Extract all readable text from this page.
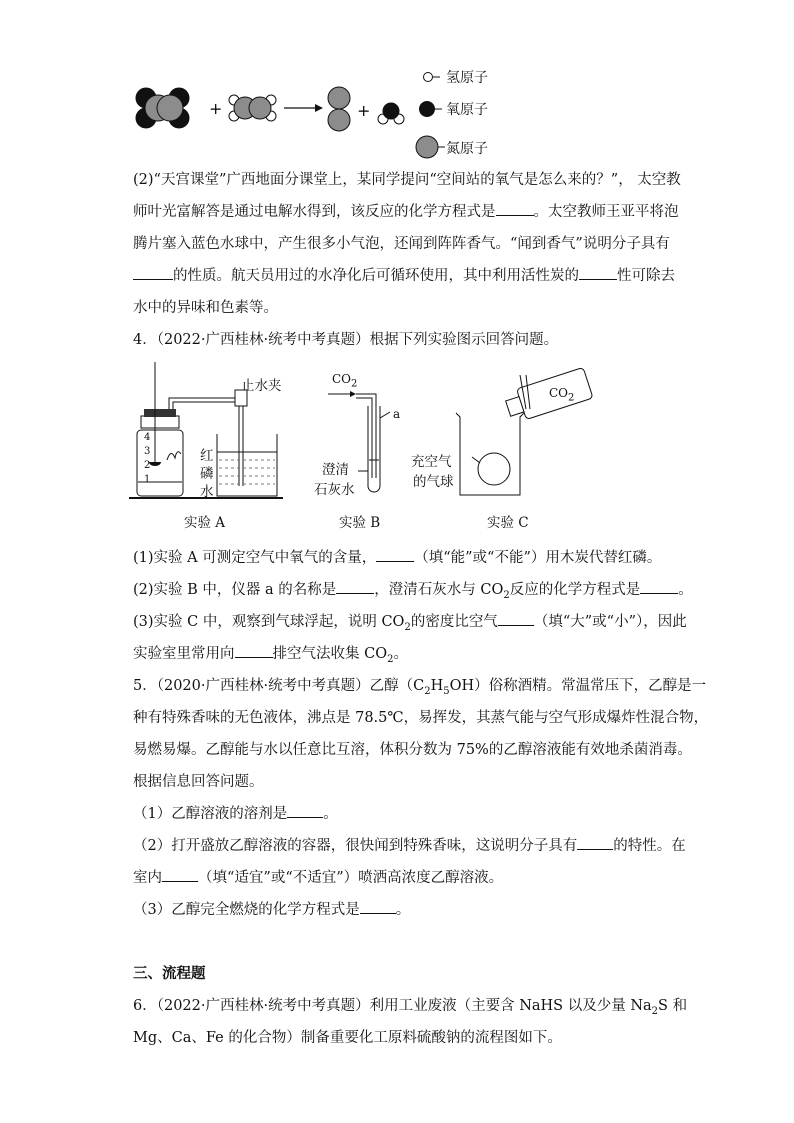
+	+
氢原子
氧原子
氮原子
(2)“天宫课堂”广西地面分课堂上，某同学提问“空间站的氧气是怎么来的？”， 太空教
师叶光富解答是通过电解水得到，该反应的化学方程式是	。太空教师王亚平将泡
腾片塞入蓝色水球中，产生很多小气泡，还闻到阵阵香气。“闻到香气”说明分子具有
的性质。航天员用过的水净化后可循环使用，其中利用活性炭的	性可除去
水中的异味和色素等。
4．（2022·广西桂林·统考中考真题）根据下列实验图示回答问题。
止水夹
红
磷
水
4
3
2
1
实验 A
$CO_2$
a
澄清
石灰水
实验 B
$CO_2$
充空气
的气球
实验 C
(1)实验 A 可测定空气中氧气的含量，	（填“能”或“不能”）用木炭代替红磷。
(2)实验 B 中，仪器 a 的名称是	，澄清石灰水与 $CO_2$反应的化学方程式是	。
(3)实验 C 中，观察到气球浮起，说明 $CO_2$的密度比空气 （填“大”或“小”），因此
实验室里常用向	排空气法收集 $CO_2$。
5．（2020·广西桂林·统考中考真题）乙醇$(C_2H_5OH)$俗称酒精。常温常压下，乙醇是一
种有特殊香味的无色液体，沸点是 78.5℃，易挥发，其蒸气能与空气形成爆炸性混合物，
易燃易爆。乙醇能与水以任意比互溶，体积分数为 75%的乙醇溶液能有效地杀菌消毒。
根据信息回答问题。
（1）乙醇溶液的溶剂是 。
（2）打开盛放乙醇溶液的容器，很快闻到特殊香味，这说明分子具有 的特性。在
室内 （填“适宜”或“不适宜”）喷洒高浓度乙醇溶液。
（3）乙醇完全燃烧的化学方程式是 。
三、流程题
6．（2022·广西桂林·统考中考真题）利用工业废液（主要含 NaHS 以及少量 $Na_2S$ 和
Mg、Ca、Fe 的化合物）制备重要化工原料硫酸钠的流程图如下。
